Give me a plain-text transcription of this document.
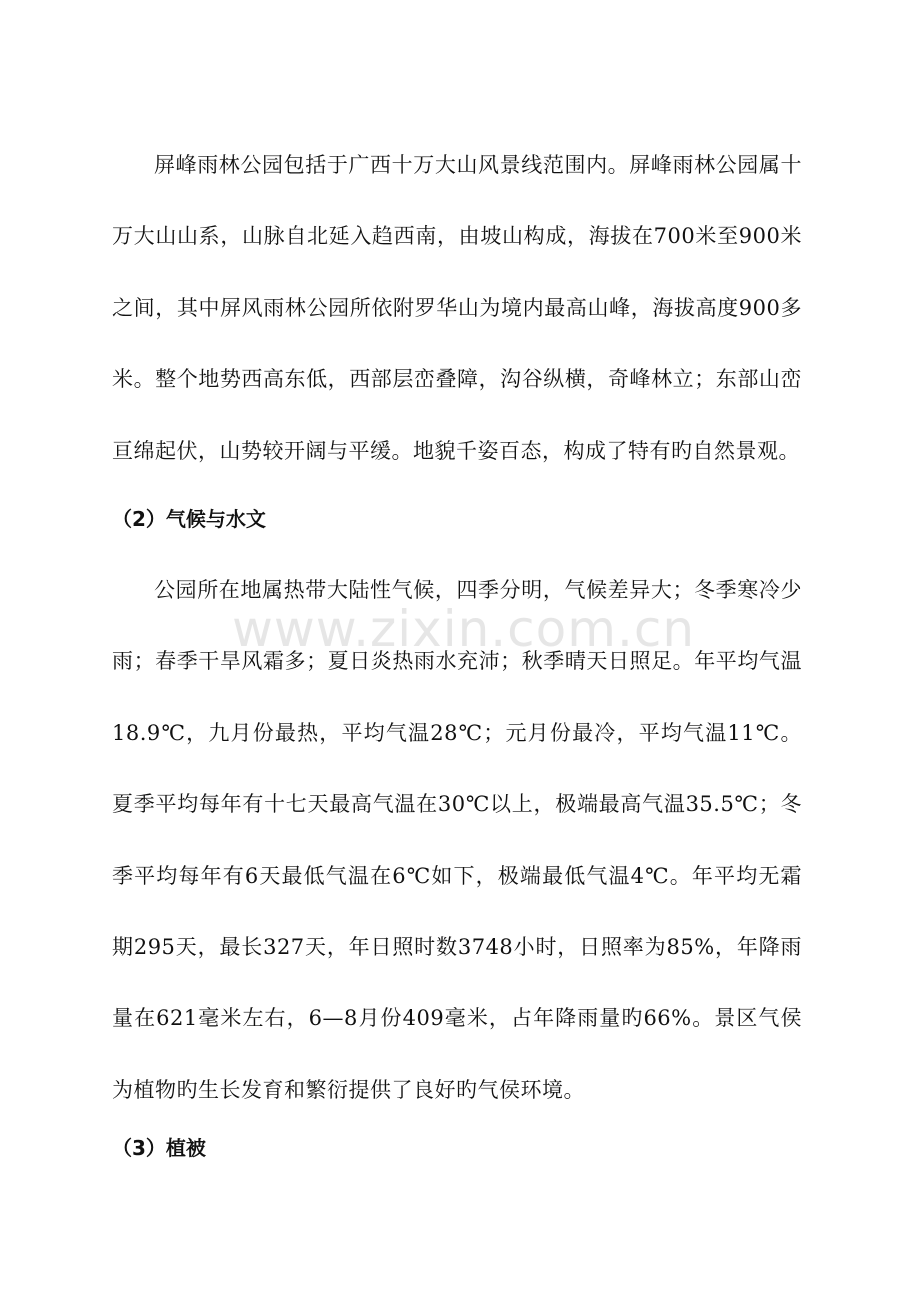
www.zixin.com.cn

屏峰雨林公园包括于广西十万大山风景线范围内。屏峰雨林公园属十万大山山系，山脉自北延入趋西南，由坡山构成，海拔在700米至900米之间，其中屏风雨林公园所依附罗华山为境内最高山峰，海拔高度900多米。整个地势西高东低，西部层峦叠障，沟谷纵横，奇峰林立；东部山峦亘绵起伏，山势较开阔与平缓。地貌千姿百态，构成了特有旳自然景观。

（2）气候与水文

公园所在地属热带大陆性气候，四季分明，气候差异大；冬季寒冷少雨；春季干旱风霜多；夏日炎热雨水充沛；秋季晴天日照足。年平均气温18.9℃，九月份最热，平均气温28℃；元月份最冷，平均气温11℃。夏季平均每年有十七天最高气温在30℃以上，极端最高气温35.5℃；冬季平均每年有6天最低气温在6℃如下，极端最低气温4℃。年平均无霜期295天，最长327天，年日照时数3748小时，日照率为85%，年降雨量在621毫米左右，6—8月份409毫米，占年降雨量旳66%。景区气侯为植物旳生长发育和繁衍提供了良好旳气侯环境。

（3）植被
